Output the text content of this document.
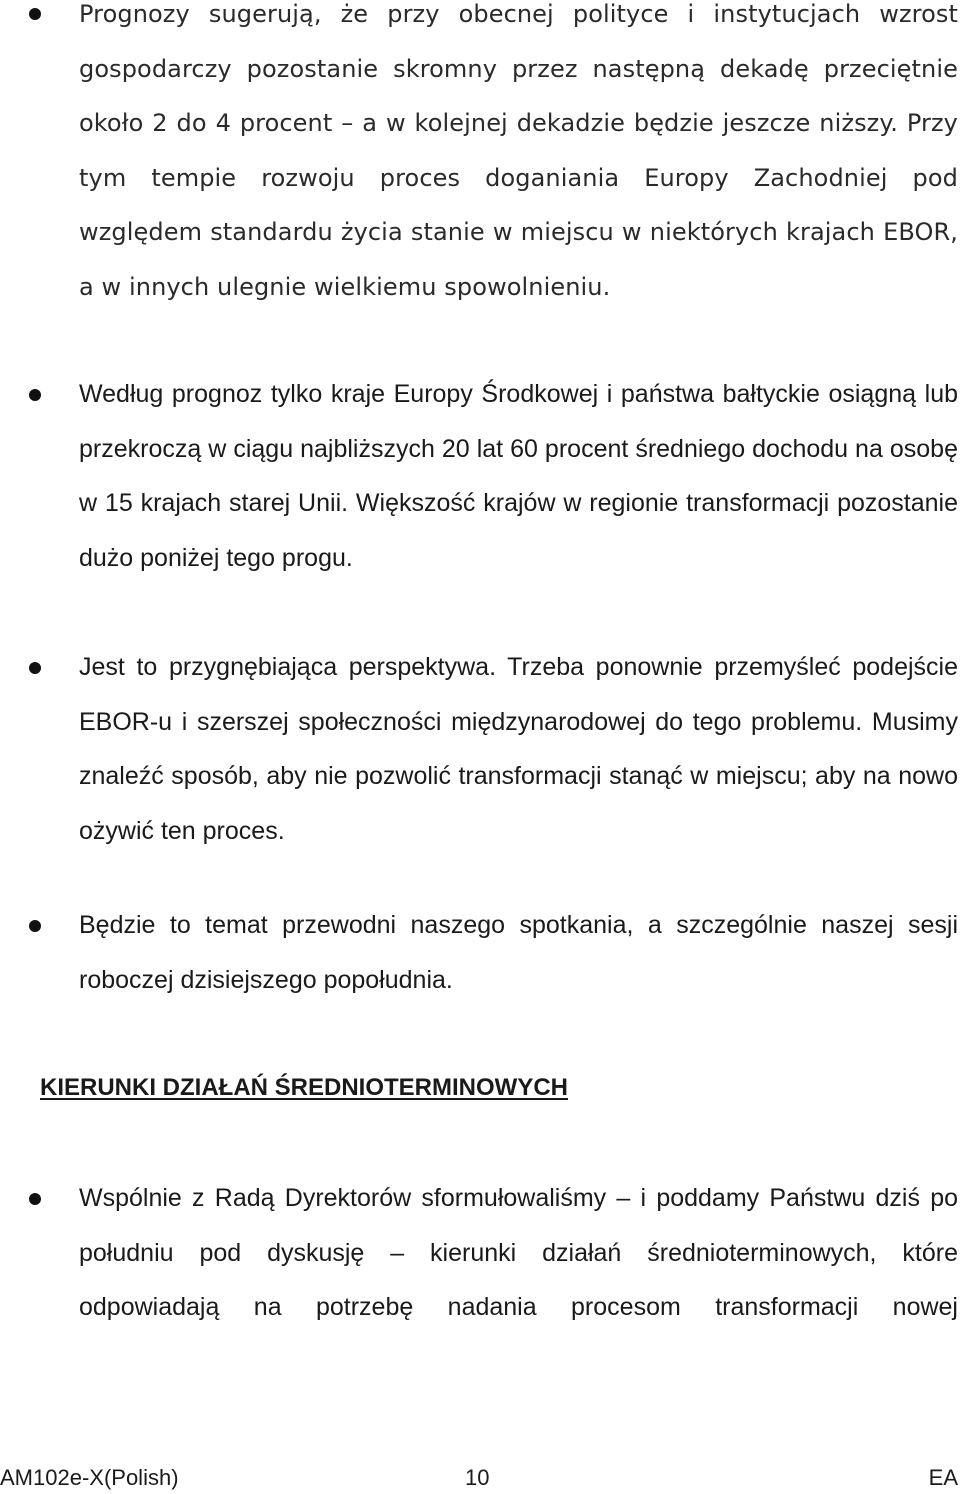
Prognozy sugerują, że przy obecnej polityce i instytucjach wzrost gospodarczy pozostanie skromny przez następną dekadę przeciętnie około 2 do 4 procent – a w kolejnej dekadzie będzie jeszcze niższy. Przy tym tempie rozwoju proces doganiania Europy Zachodniej pod względem standardu życia stanie w miejscu w niektórych krajach EBOR, a w innych ulegnie wielkiemu spowolnieniu.

Według prognoz tylko kraje Europy Środkowej i państwa bałtyckie osiągną lub przekroczą w ciągu najbliższych 20 lat 60 procent średniego dochodu na osobę w 15 krajach starej Unii. Większość krajów w regionie transformacji pozostanie dużo poniżej tego progu.

Jest to przygnębiająca perspektywa. Trzeba ponownie przemyśleć podejście EBOR-u i szerszej społeczności międzynarodowej do tego problemu. Musimy znaleźć sposób, aby nie pozwolić transformacji stanąć w miejscu; aby na nowo ożywić ten proces.

Będzie to temat przewodni naszego spotkania, a szczególnie naszej sesji roboczej dzisiejszego popołudnia.

KIERUNKI DZIAŁAŃ ŚREDNIOTERMINOWYCH

Wspólnie z Radą Dyrektorów sformułowaliśmy – i poddamy Państwu dziś po południu pod dyskusję – kierunki działań średnioterminowych, które odpowiadają na potrzebę nadania procesom transformacji nowej

AM102e-X(Polish)	10	EA
